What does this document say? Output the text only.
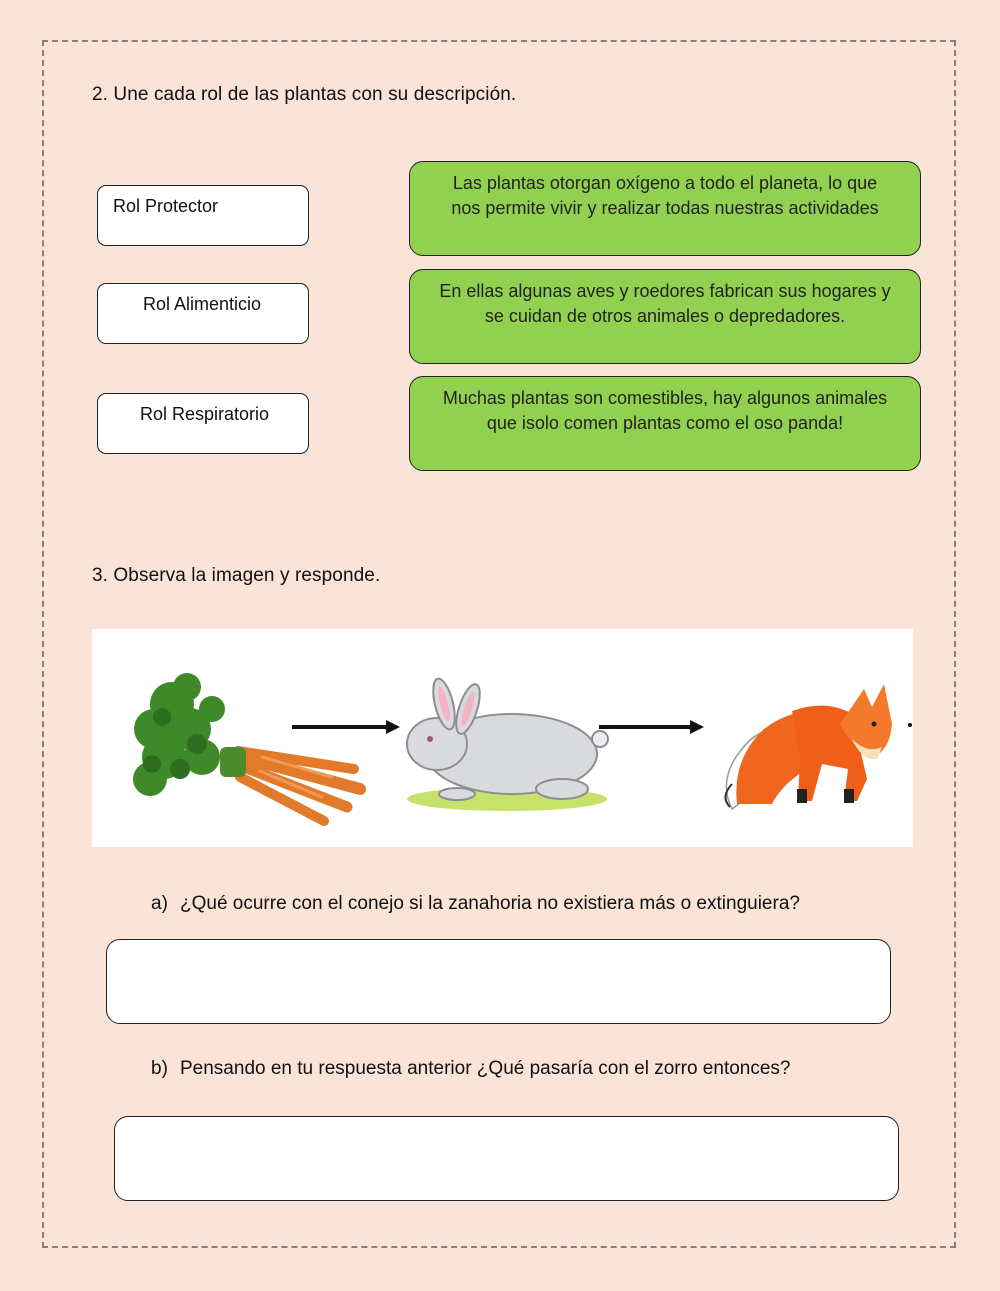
2. Une cada rol de las plantas con su descripción.
Rol Protector
Rol Alimenticio
Rol Respiratorio
Las plantas otorgan oxígeno a todo el planeta, lo que
nos permite vivir y realizar todas nuestras actividades
En ellas algunas aves y roedores fabrican sus hogares y
se cuidan de otros animales o depredadores.
Muchas plantas son comestibles, hay algunos animales
que isolo comen plantas como el oso panda!
3. Observa la imagen y responde.
a) ¿Qué ocurre con el conejo si la zanahoria no existiera más o extinguiera?
b) Pensando en tu respuesta anterior ¿Qué pasaría con el zorro entonces?
